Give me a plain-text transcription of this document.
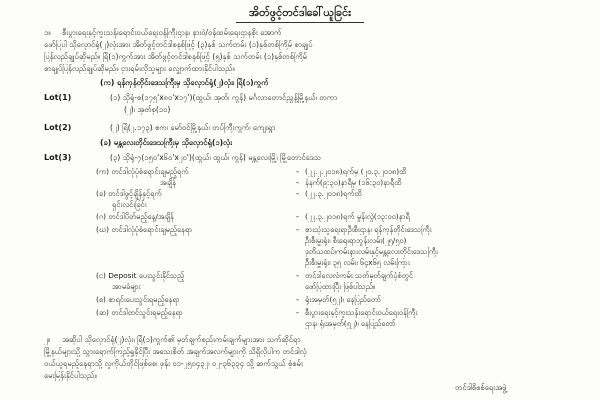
အိတ်ဖွင့်တင်ဒါခေါ်ယူခြင်း
၁။ စီးပွားရေးနှင့်ကူးသန်းရောင်းဝယ်ရေးဝန်ကြီးဌာန၊ နားဝဲ/ဝန်ထမ်းရေးဌာနစိုး အောက်
ဖော်ပြပါ သိုလှောင်ရုံ(၂)လုံးအား အိတ်ဖွင့်တင်ဒါစနစ်ဖြင့် (၃)နှစ် သက်တမ်း (၁)နှစ်တစ်ကြိမ် စာချုပ်
ပြန်လည်ချုပ်ဆိုမည်။ ရြဲ(၁)ကွက်အား အိတ်ဖွင့်တင်ဒါစနစ်ဖြင့် (၅)နှစ် သက်တမ်း (၁)နှစ်တစ်ကြိမ်
စာချုပ်ပြန်လည်ချုပ်ဆိုမည်။ ငှားရမ်းလိုသူများ လျှောက်ထားနိုင်ပါသည်။
(က) ရန်ကုန်တိုင်းဒေသကြီးမှ သိုလှောင်ရုံ(၂)လုံး၊ ရြဲ(၁)ကွက်
Lot(1)	(၁) သိုရုံ-စ(၁၇၅'x၈၀'x၁၇')(ထွယ်၊ အုတ်၊ ကွန်) မင်္ဂလာတောင်ညွန့်မြို့နယ်၊ တကာ
(၂)၊ အုတ်စု(၁၀)
Lot(2)	(၂) ရြဲ(၂.၁၇၃) ဧက၊ မော်ဝင်မြို့နယ်၊ တပ်ကြီးကွက်၊ ကျေးရွာ
(ခ) မန္တလေးတိုင်းဒေသကြီးမှ သိုလှောင်ရုံ(၁)လုံး
Lot(3)	(၃) သိုရုံ-၇(၁၅၀'x၆၀'x၂၀')(ထွယ်၊ ထွယ်၊ ကွန်) မန္တလေးမြို့၊ မြို့တောင်ဒေသ
(က) တင်ဒါလုံပုံစံရောင်းချမည့်ရက်	- (၂၂.၂.၂၀၁၈)ရက်မှ (၂၀.၃.၂၀၁၈)ထိ
အချိန်	- နံနက်(၉:၃၀)နာရီမှ (၁၆:၃၀)နာရီထိ
(ခ) တင်ဒါဖွင့်ချိန်နှင့်ရက်	- (၂၂.၃.၂၀၁၈)ရက်ထိ
ရှင်းလင်းခြင်း
(ဂ) တင်ဒါပိတ်မည့်နေ့/အချိန်	- (၂၂.၃.၂၀၁၈)ရက် မွန်းလွဲ(၁၃:၀၀)နာရီ
(ဃ) တင်ဒါလုံပုံစံရောင်းချမည့်နေရာ	- စားသုံးသူရေးရာဦးစီးဌာန၊ ရန်ကုန်တိုင်းဒေသကြီး
ဦးစီးမှူးရုံး၊ စီးရေးရာဘွန်းလမ်း(၂၅/၅၀)
ဒုတိယထပ်၊ကမ်းနားလမ်းနှင့်မန္တလေးတိုင်းဒေသကြီး
ဦးစီးမှူးရုံး၊ ၃၅ လမ်း၊ ၆၄x၆၅ လမ်းကြား
(င) Deposit ပေးသွင်းနိုင်သည့်	- တင်ဒါလေလံကမ်း သတ်မှတ်ချက်ပုံစံတွင်
အာမခံများ	ဖော်ပြထားပြီး ဖြစ်ပါသည်။
(စ) စာရင်းပေးသွင်းရမည့်နေရာ	- ရုံးအမှတ်(၅၂)၊ နေပြည်တော်
(ဆ) တင်ဒါတင်သွင်းရမည့်နေရာ	- စီးပွားရေးနှင့်ကူးသန်းရောင်းဝယ်ရေးဝန်ကြီး
ဌာန၊ ရုံးအမှတ်(၅၂)၊ နေပြည်တော်
၂။ အဆိုပါ သိုလှောင်ရုံ(၂)လုံး၊ ရြဲ(၁)ကွက်၏ မှတ်ချက်စည်းကမ်းချက်များအား သက်ဆိုင်ရာ
မြို့နယ်များသို့ သွားရောက်ကြည့်ရှုနိုင်ပြီး အသေးစိတ် အချက်အလက်များကို သိရှိလိုပါက တင်ဒါလုံ
ဝယ်ယူရမည့်နေရာသို့ လူကိုယ်တိုင်ဖြစ်စေ၊ ဖုန်း ၀၁-၂၅၀၄၃၂၊ ၀၂-၃၆၃၃၄ သို့ ဆက်သွယ် စုံစမ်း
မေးမြန်းနိုင်ပါသည်။
တင်ဒါစိစစ်ရေးအဖွဲ့
